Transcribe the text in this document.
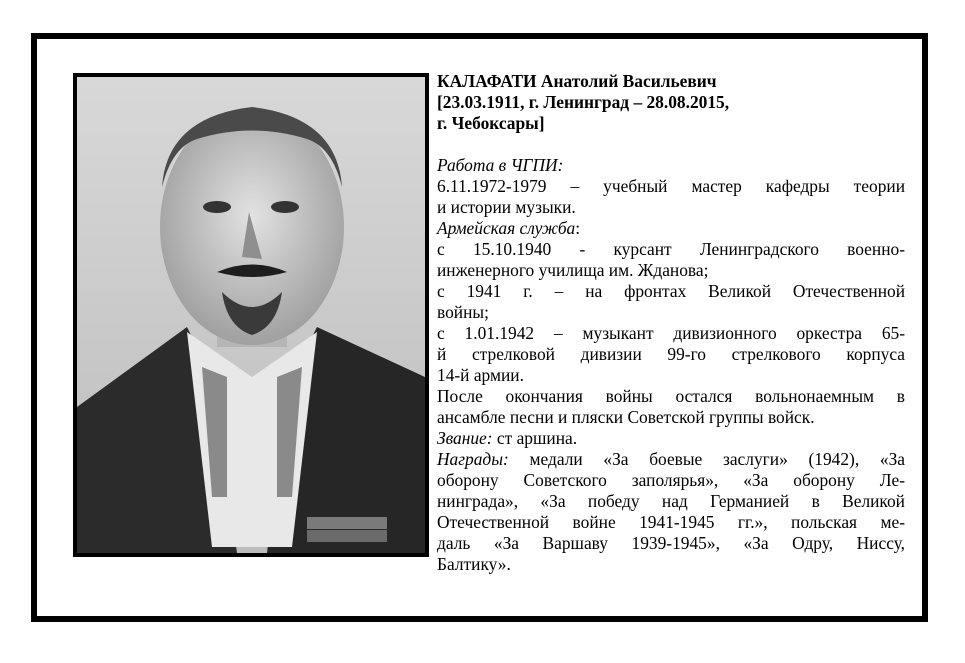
КАЛАФАТИ Анатолий Васильевич

[23.03.1911, г. Ленинград – 28.08.2015,

г. Чебоксары]

Работа в ЧГПИ:

6.11.1972-1979 – учебный мастер кафедры теории

и истории музыки.

Армейская служба:

с 15.10.1940 - курсант Ленинградского военно-

инженерного училища им. Жданова;

с 1941 г. – на фронтах Великой Отечественной

войны;

с 1.01.1942 – музыкант дивизионного оркестра 65-

й стрелковой дивизии 99-го стрелкового корпуса

14-й армии.

После окончания войны остался вольнонаемным в

ансамбле песни и пляски Советской группы войск.

Звание: ст аршина.

Награды: медали «За боевые заслуги» (1942), «За

оборону Советского заполярья», «За оборону Ле-

нинграда», «За победу над Германией в Великой

Отечественной войне 1941-1945 гг.», польская ме-

даль «За Варшаву 1939-1945», «За Одру, Ниссу,

Балтику».
